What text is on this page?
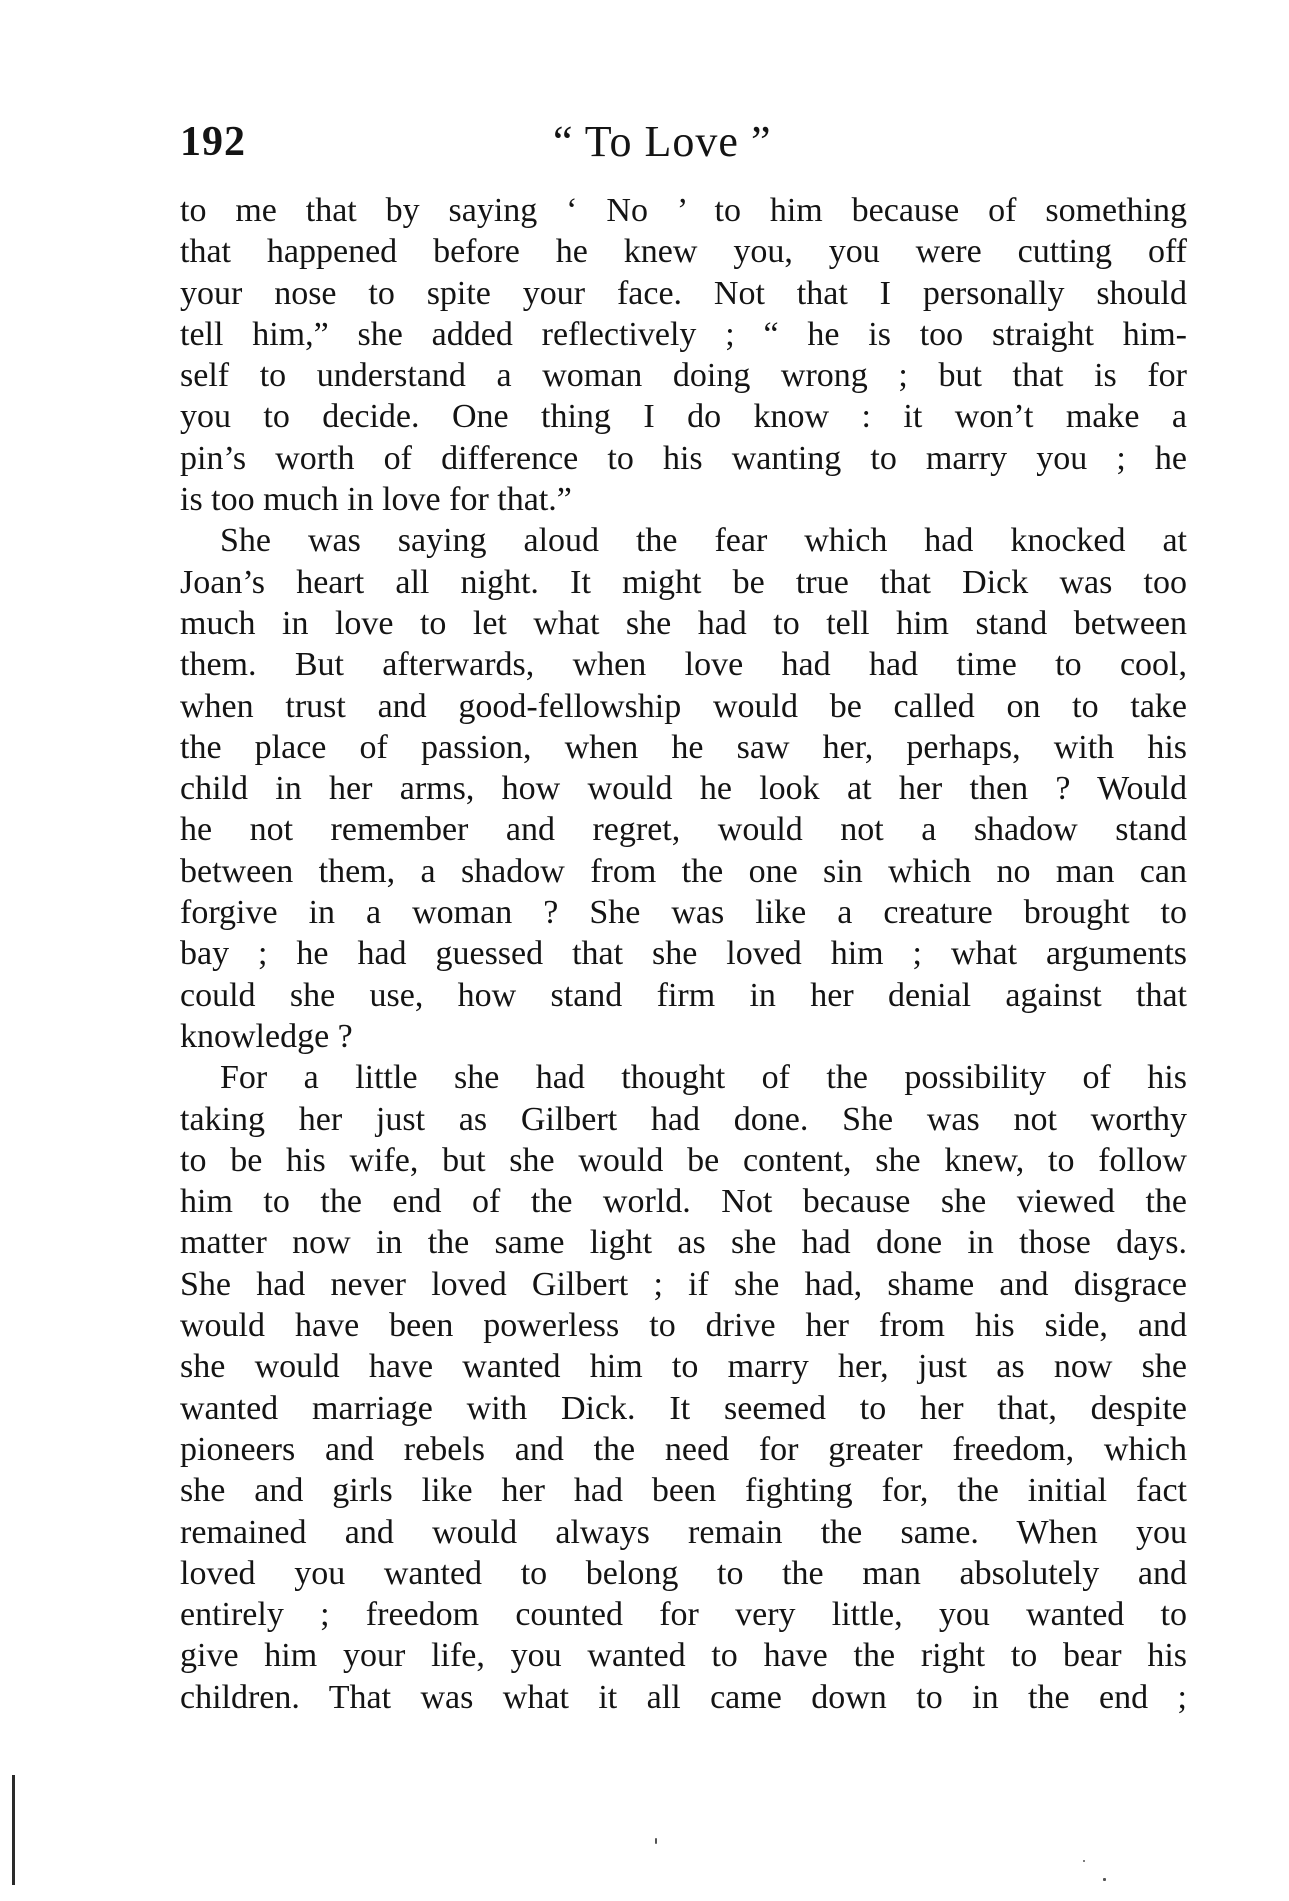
192	“ To Love ”
to me that by saying ‘ No ’ to him because of something
that happened before he knew you, you were cutting off
your nose to spite your face. Not that I personally should
tell him,” she added reflectively ; “ he is too straight him-
self to understand a woman doing wrong ; but that is for
you to decide. One thing I do know : it won’t make a
pin’s worth of difference to his wanting to marry you ; he
is too much in love for that.”
She was saying aloud the fear which had knocked at
Joan’s heart all night. It might be true that Dick was too
much in love to let what she had to tell him stand between
them. But afterwards, when love had had time to cool,
when trust and good-fellowship would be called on to take
the place of passion, when he saw her, perhaps, with his
child in her arms, how would he look at her then ? Would
he not remember and regret, would not a shadow stand
between them, a shadow from the one sin which no man can
forgive in a woman ? She was like a creature brought to
bay ; he had guessed that she loved him ; what arguments
could she use, how stand firm in her denial against that
knowledge ?
For a little she had thought of the possibility of his
taking her just as Gilbert had done. She was not worthy
to be his wife, but she would be content, she knew, to follow
him to the end of the world. Not because she viewed the
matter now in the same light as she had done in those days.
She had never loved Gilbert ; if she had, shame and disgrace
would have been powerless to drive her from his side, and
she would have wanted him to marry her, just as now she
wanted marriage with Dick. It seemed to her that, despite
pioneers and rebels and the need for greater freedom, which
she and girls like her had been fighting for, the initial fact
remained and would always remain the same. When you
loved you wanted to belong to the man absolutely and
entirely ; freedom counted for very little, you wanted to
give him your life, you wanted to have the right to bear his
children. That was what it all came down to in the end ;
